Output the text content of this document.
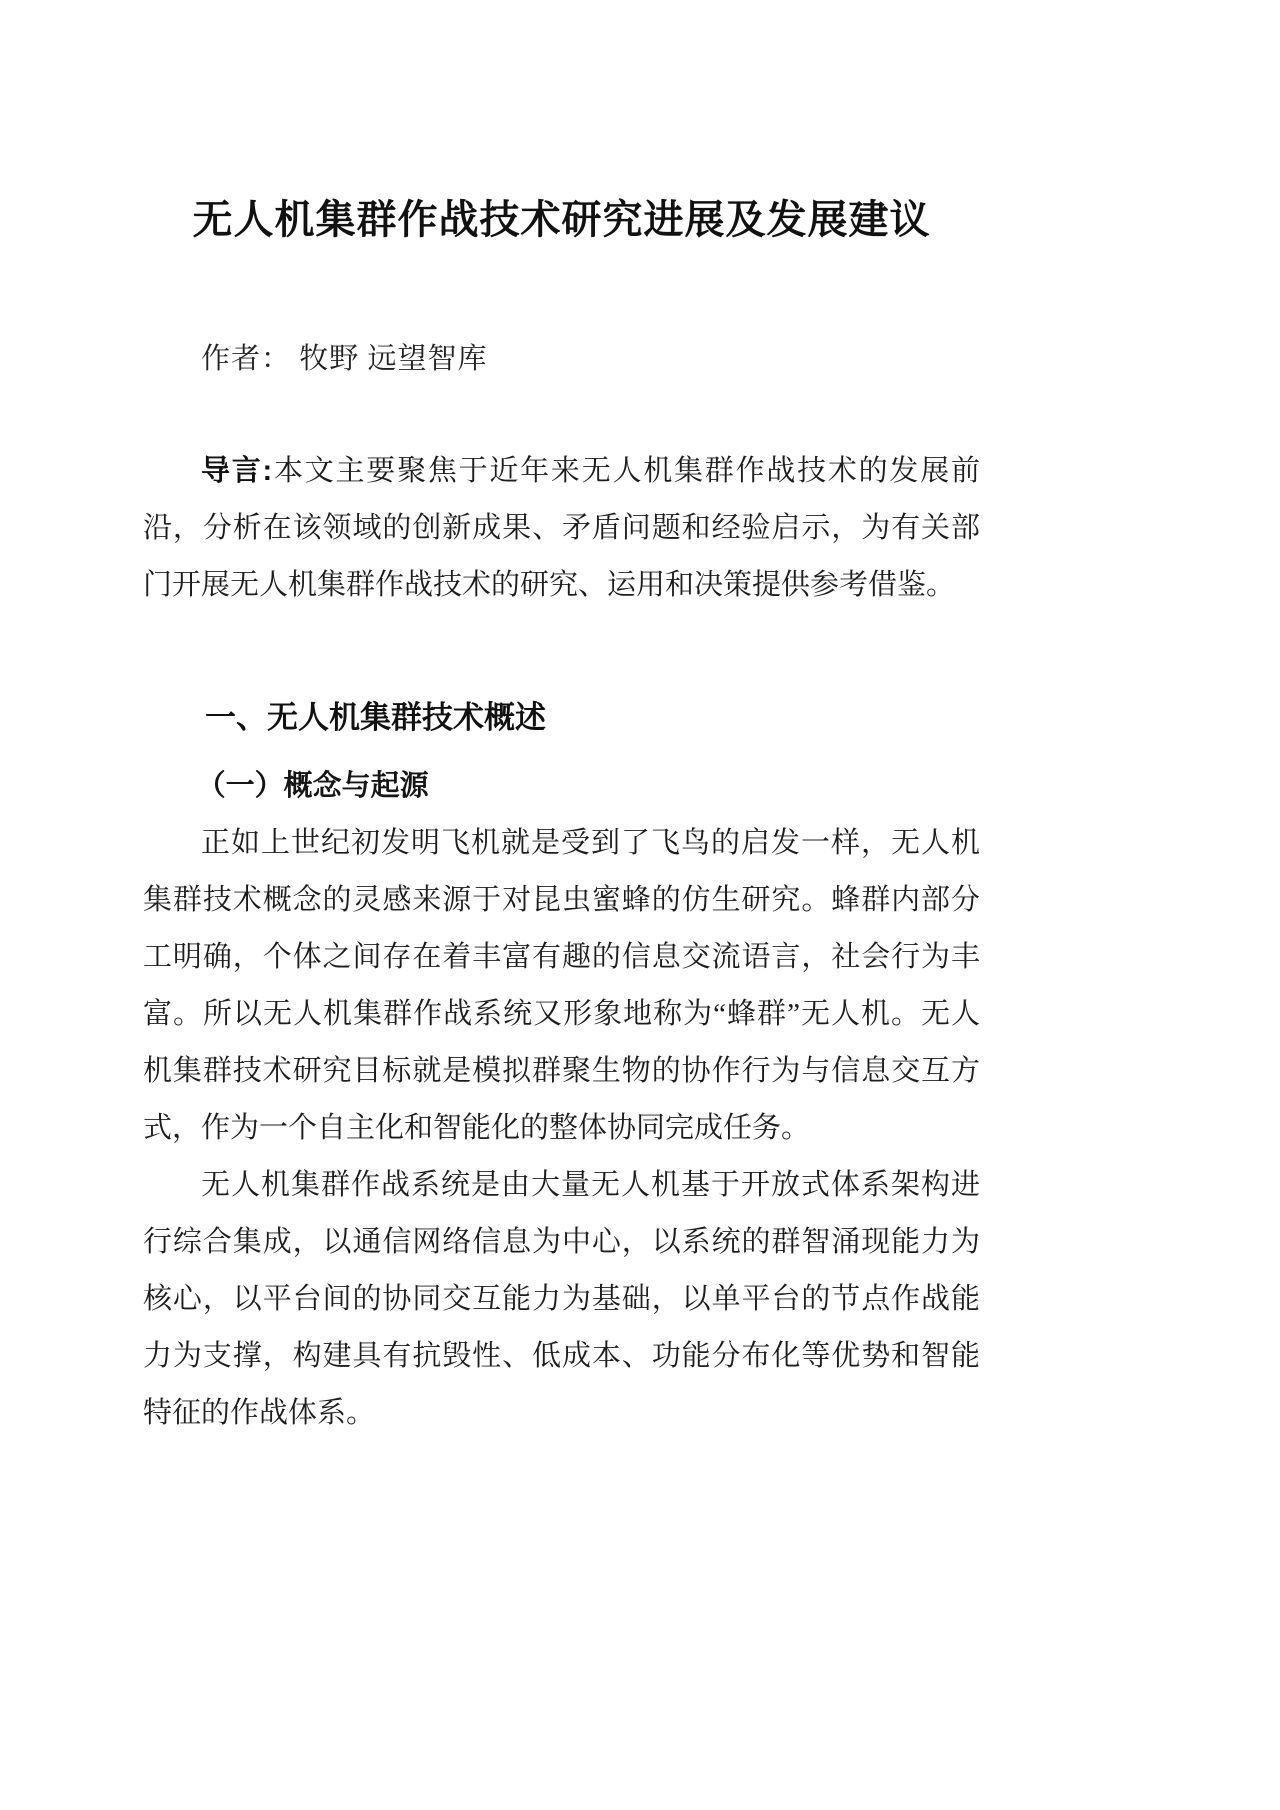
无人机集群作战技术研究进展及发展建议
作者： 牧野 远望智库

导言:本文主要聚焦于近年来无人机集群作战技术的发展前沿，分析在该领域的创新成果、矛盾问题和经验启示，为有关部门开展无人机集群作战技术的研究、运用和决策提供参考借鉴。

一、无人机集群技术概述
（一）概念与起源

正如上世纪初发明飞机就是受到了飞鸟的启发一样，无人机集群技术概念的灵感来源于对昆虫蜜蜂的仿生研究。蜂群内部分工明确，个体之间存在着丰富有趣的信息交流语言，社会行为丰富。所以无人机集群作战系统又形象地称为“蜂群”无人机。无人机集群技术研究目标就是模拟群聚生物的协作行为与信息交互方式，作为一个自主化和智能化的整体协同完成任务。

无人机集群作战系统是由大量无人机基于开放式体系架构进行综合集成，以通信网络信息为中心，以系统的群智涌现能力为核心，以平台间的协同交互能力为基础，以单平台的节点作战能力为支撑，构建具有抗毁性、低成本、功能分布化等优势和智能特征的作战体系。
